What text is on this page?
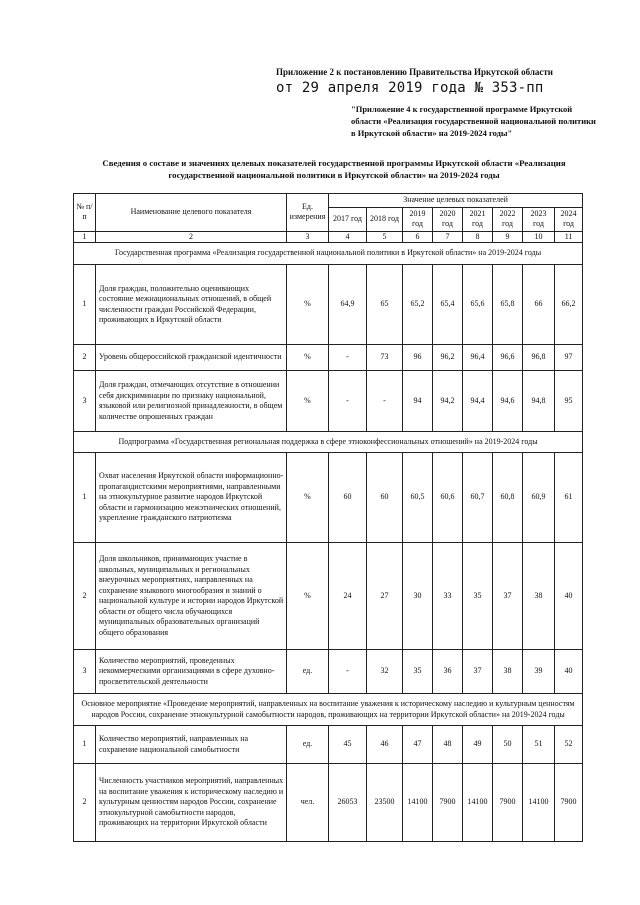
Приложение 2 к постановлению Правительства Иркутской области
от 29 апреля 2019 года № 353-пп
"Приложение 4 к государственной программе Иркутской области «Реализация государственной национальной политики в Иркутской области» на 2019-2024 годы"
Сведения о составе и значениях целевых показателей государственной программы Иркутской области «Реализация государственной национальной политики в Иркутской области» на 2019-2024 годы
№ п/п	Наименование целевого показателя	Ед. измерения	Значение целевых показателей							
			2017 год	2018 год	2019 год	2020 год	2021 год	2022 год	2023 год	2024 год
1	2	3	4	5	6	7	8	9	10	11
Государственная программа «Реализация государственной национальной политики в Иркутской области» на 2019-2024 годы										
1	Доля граждан, положительно оценивающих состояние межнациональных отношений, в общей численности граждан Российской Федерации, проживающих в Иркутской области	%	64,9	65	65,2	65,4	65,6	65,8	66	66,2
2	Уровень общероссийской гражданской идентичности	%	-	73	96	96,2	96,4	96,6	96,8	97
3	Доля граждан, отмечающих отсутствие в отношении себя дискриминации по признаку национальной, языковой или религиозной принадлежности, в общем количестве опрошенных граждан	%	-	-	94	94,2	94,4	94,6	94,8	95
Подпрограмма «Государственная региональная поддержка в сфере этноконфессиональных отношений» на 2019-2024 годы										
1	Охват населения Иркутской области информационно-пропагандистскими мероприятиями, направленными на этнокультурное развитие народов Иркутской области и гармонизацию межэтнических отношений, укрепление гражданского патриотизма	%	60	60	60,5	60,6	60,7	60,8	60,9	61
2	Доля школьников, принимающих участие в школьных, муниципальных и региональных внеурочных мероприятиях, направленных на сохранение языкового многообразия и знаний о национальной культуре и истории народов Иркутской области от общего числа обучающихся муниципальных образовательных организаций общего образования	%	24	27	30	33	35	37	38	40
3	Количество мероприятий, проведенных некоммерческими организациями в сфере духовно-просветительской деятельности	ед.	-	32	35	36	37	38	39	40
Основное мероприятие «Проведение мероприятий, направленных на воспитание уважения к историческому наследию и культурным ценностям народов России, сохранение этнокультурной самобытности народов, проживающих на территории Иркутской области» на 2019-2024 годы										
1	Количество мероприятий, направленных на сохранение национальной самобытности	ед.	45	46	47	48	49	50	51	52
2	Численность участников мероприятий, направленных на воспитание уважения к историческому наследию и культурным ценностям народов России, сохранение этнокультурной самобытности народов, проживающих на территории Иркутской области	чел.	26053	23500	14100	7900	14100	7900	14100	7900
